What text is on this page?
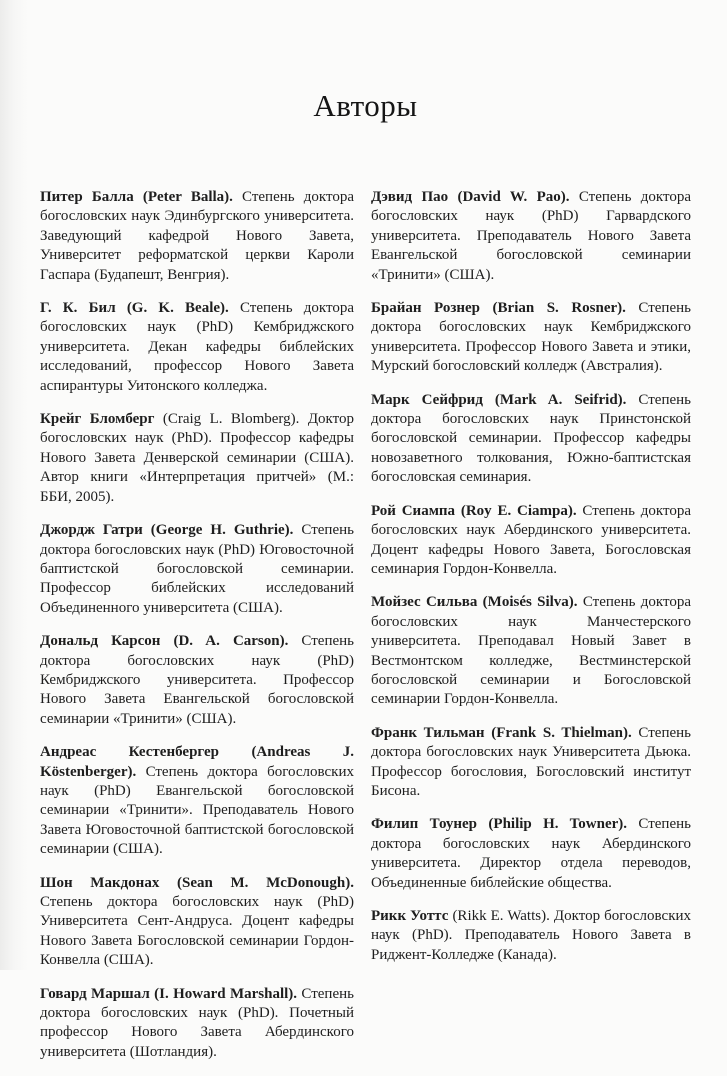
Авторы

Питер Балла (Peter Balla). Степень доктора богословских наук Эдинбургского университета. Заведующий кафедрой Нового Завета, Университет реформатской церкви Кароли Гаспара (Будапешт, Венгрия).

Г. К. Бил (G. K. Beale). Степень доктора богословских наук (PhD) Кембриджского университета. Декан кафедры библейских исследований, профессор Нового Завета аспирантуры Уитонского колледжа.

Крейг Бломберг (Craig L. Blomberg). Доктор богословских наук (PhD). Профессор кафедры Нового Завета Денверской семинарии (США). Автор книги «Интерпретация притчей» (М.: ББИ, 2005).

Джордж Гатри (George H. Guthrie). Степень доктора богословских наук (PhD) Юговосточной баптистской богословской семинарии. Профессор библейских исследований Объединенного университета (США).

Дональд Карсон (D. A. Carson). Степень доктора богословских наук (PhD) Кембриджского университета. Профессор Нового Завета Евангельской богословской семинарии «Тринити» (США).

Андреас Кестенбергер (Andreas J. Köstenberger). Степень доктора богословских наук (PhD) Евангельской богословской семинарии «Тринити». Преподаватель Нового Завета Юговосточной баптистской богословской семинарии (США).

Шон Макдонах (Sean M. McDonough). Степень доктора богословских наук (PhD) Университета Сент-Андруса. Доцент кафедры Нового Завета Богословской семинарии Гордон-Конвелла (США).

Говард Маршал (I. Howard Marshall). Степень доктора богословских наук (PhD). Почетный профессор Нового Завета Абердинского университета (Шотландия).

Дэвид Пао (David W. Pao). Степень доктора богословских наук (PhD) Гарвардского университета. Преподаватель Нового Завета Евангельской богословской семинарии «Тринити» (США).

Брайан Рознер (Brian S. Rosner). Степень доктора богословских наук Кембриджского университета. Профессор Нового Завета и этики, Мурский богословский колледж (Австралия).

Марк Сейфрид (Mark A. Seifrid). Степень доктора богословских наук Принстонской богословской семинарии. Профессор кафедры новозаветного толкования, Южно-баптистская богословская семинария.

Рой Сиампа (Roy E. Ciampa). Степень доктора богословских наук Абердинского университета. Доцент кафедры Нового Завета, Богословская семинария Гордон-Конвелла.

Мойзес Сильва (Moisés Silva). Степень доктора богословских наук Манчестерского университета. Преподавал Новый Завет в Вестмонтском колледже, Вестминстерской богословской семинарии и Богословской семинарии Гордон-Конвелла.

Франк Тильман (Frank S. Thielman). Степень доктора богословских наук Университета Дьюка. Профессор богословия, Богословский институт Бисона.

Филип Тоунер (Philip H. Towner). Степень доктора богословских наук Абердинского университета. Директор отдела переводов, Объединенные библейские общества.

Рикк Уоттс (Rikk E. Watts). Доктор богословских наук (PhD). Преподаватель Нового Завета в Риджент-Колледже (Канада).
